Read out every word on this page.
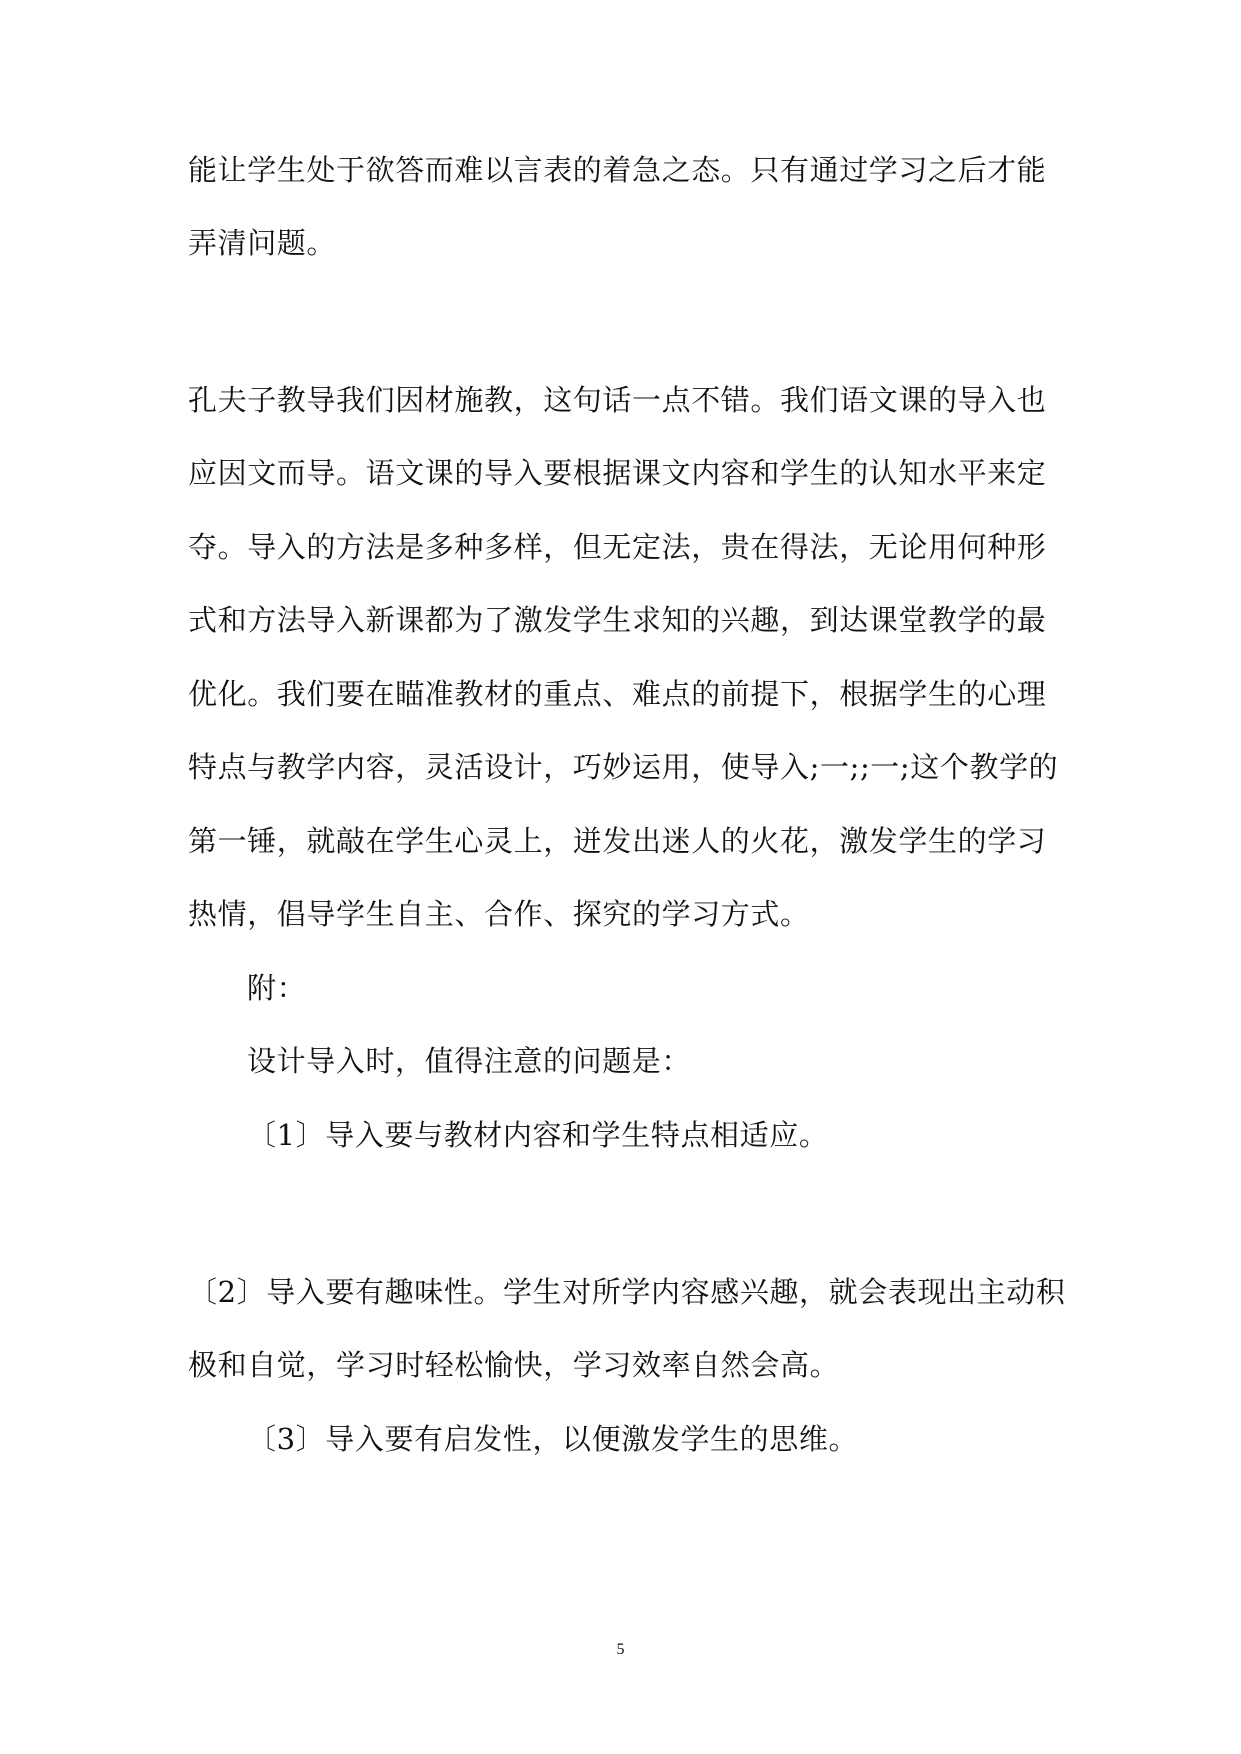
能让学生处于欲答而难以言表的着急之态。只有通过学习之后才能
弄清问题。
孔夫子教导我们因材施教，这句话一点不错。我们语文课的导入也
应因文而导。语文课的导入要根据课文内容和学生的认知水平来定
夺。导入的方法是多种多样，但无定法，贵在得法，无论用何种形
式和方法导入新课都为了激发学生求知的兴趣，到达课堂教学的最
优化。我们要在瞄准教材的重点、难点的前提下，根据学生的心理
特点与教学内容，灵活设计，巧妙运用，使导入;一;;一;这个教学的
第一锤，就敲在学生心灵上，迸发出迷人的火花，激发学生的学习
热情，倡导学生自主、合作、探究的学习方式。
附：
设计导入时，值得注意的问题是：
〔1〕导入要与教材内容和学生特点相适应。
〔2〕导入要有趣味性。学生对所学内容感兴趣，就会表现出主动积
极和自觉，学习时轻松愉快，学习效率自然会高。
〔3〕导入要有启发性，以便激发学生的思维。
5
